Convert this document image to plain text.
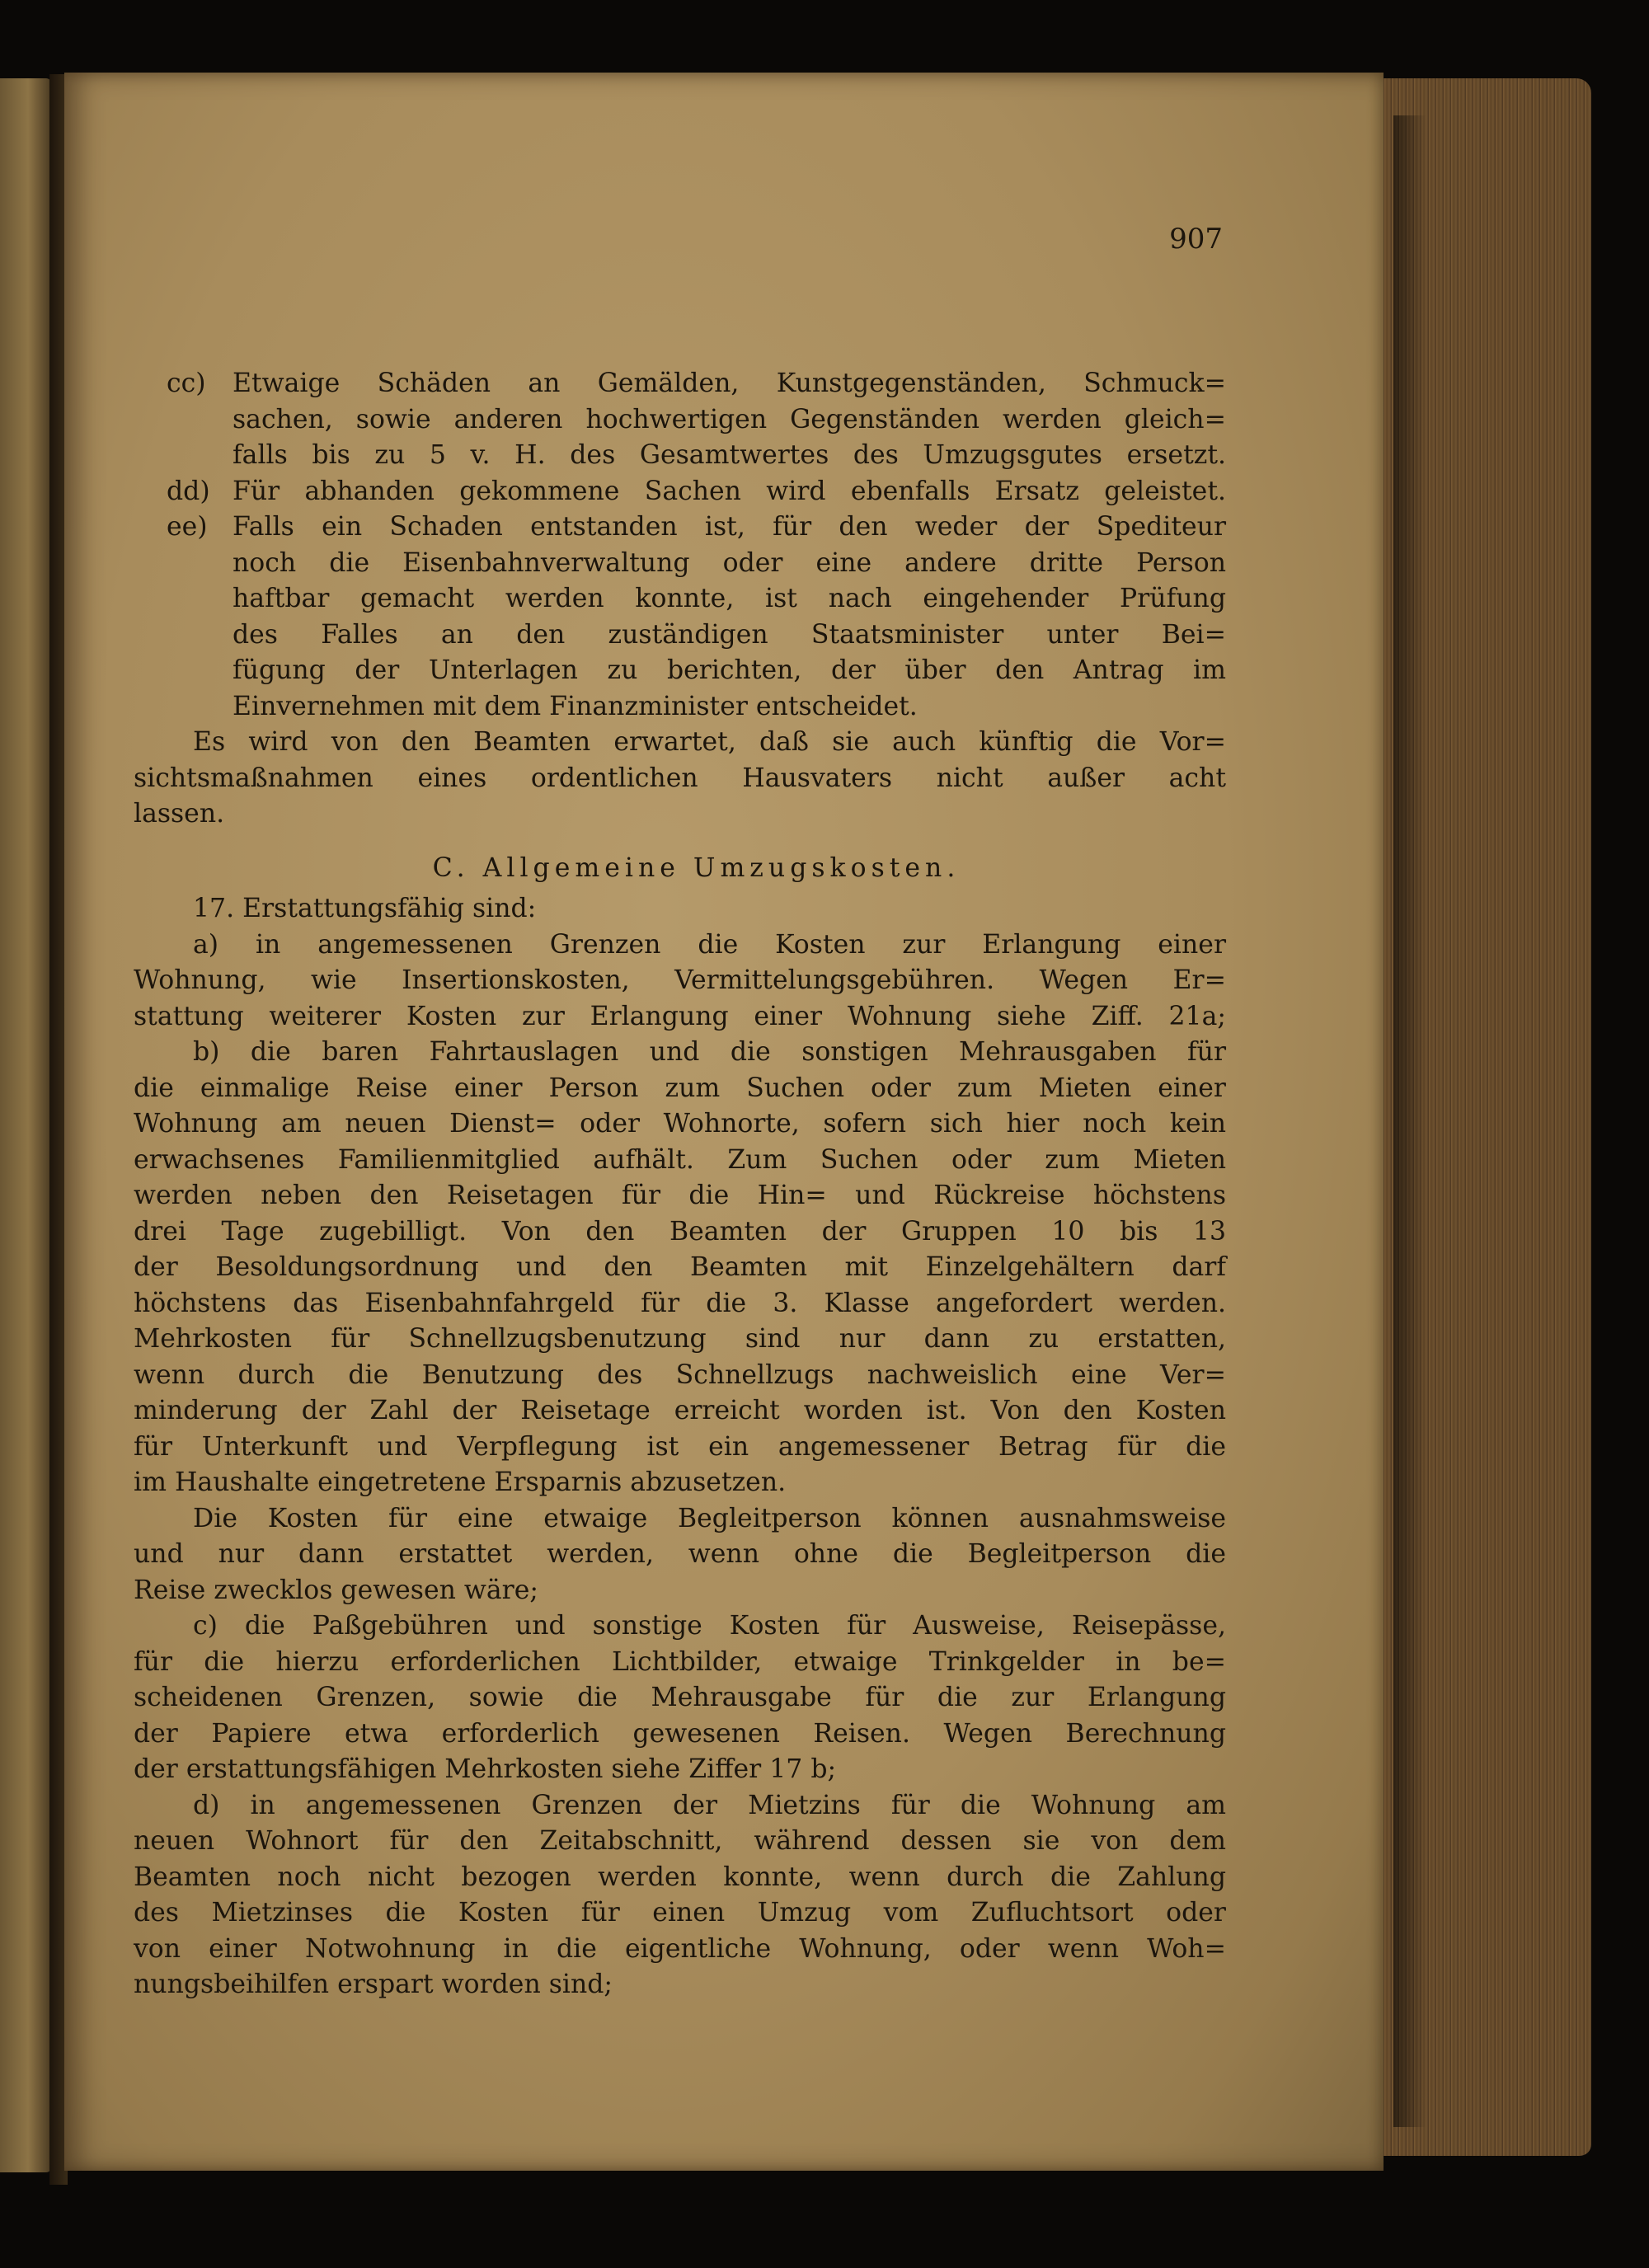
907
cc) Etwaige Schäden an Gemälden, Kunstgegenständen, Schmuck=
sachen, sowie anderen hochwertigen Gegenständen werden gleich=
falls bis zu 5 v. H. des Gesamtwertes des Umzugsgutes ersetzt.
dd) Für abhanden gekommene Sachen wird ebenfalls Ersatz geleistet.
ee) Falls ein Schaden entstanden ist, für den weder der Spediteur
noch die Eisenbahnverwaltung oder eine andere dritte Person
haftbar gemacht werden konnte, ist nach eingehender Prüfung
des Falles an den zuständigen Staatsminister unter Bei=
fügung der Unterlagen zu berichten, der über den Antrag im
Einvernehmen mit dem Finanzminister entscheidet.
Es wird von den Beamten erwartet, daß sie auch künftig die Vor=
sichtsmaßnahmen eines ordentlichen Hausvaters nicht außer acht
lassen.
C. Allgemeine Umzugskosten.
17. Erstattungsfähig sind:
a) in angemessenen Grenzen die Kosten zur Erlangung einer
Wohnung, wie Insertionskosten, Vermittelungsgebühren. Wegen Er=
stattung weiterer Kosten zur Erlangung einer Wohnung siehe Ziff. 21a;
b) die baren Fahrtauslagen und die sonstigen Mehrausgaben für
die einmalige Reise einer Person zum Suchen oder zum Mieten einer
Wohnung am neuen Dienst= oder Wohnorte, sofern sich hier noch kein
erwachsenes Familienmitglied aufhält. Zum Suchen oder zum Mieten
werden neben den Reisetagen für die Hin= und Rückreise höchstens
drei Tage zugebilligt. Von den Beamten der Gruppen 10 bis 13
der Besoldungsordnung und den Beamten mit Einzelgehältern darf
höchstens das Eisenbahnfahrgeld für die 3. Klasse angefordert werden.
Mehrkosten für Schnellzugsbenutzung sind nur dann zu erstatten,
wenn durch die Benutzung des Schnellzugs nachweislich eine Ver=
minderung der Zahl der Reisetage erreicht worden ist. Von den Kosten
für Unterkunft und Verpflegung ist ein angemessener Betrag für die
im Haushalte eingetretene Ersparnis abzusetzen.
Die Kosten für eine etwaige Begleitperson können ausnahmsweise
und nur dann erstattet werden, wenn ohne die Begleitperson die
Reise zwecklos gewesen wäre;
c) die Paßgebühren und sonstige Kosten für Ausweise, Reisepässe,
für die hierzu erforderlichen Lichtbilder, etwaige Trinkgelder in be=
scheidenen Grenzen, sowie die Mehrausgabe für die zur Erlangung
der Papiere etwa erforderlich gewesenen Reisen. Wegen Berechnung
der erstattungsfähigen Mehrkosten siehe Ziffer 17 b;
d) in angemessenen Grenzen der Mietzins für die Wohnung am
neuen Wohnort für den Zeitabschnitt, während dessen sie von dem
Beamten noch nicht bezogen werden konnte, wenn durch die Zahlung
des Mietzinses die Kosten für einen Umzug vom Zufluchtsort oder
von einer Notwohnung in die eigentliche Wohnung, oder wenn Woh=
nungsbeihilfen erspart worden sind;
